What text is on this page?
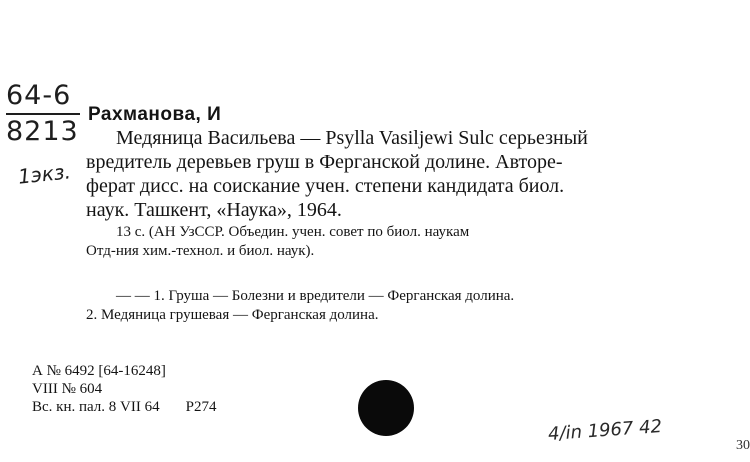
64-6
8213
1экз.
Рахманова, И
Медяница Васильева — Psylla Vasiljewi Sulc серьезный
вредитель деревьев груш в Ферганской долине. Авторе-
ферат дисс. на соискание учен. степени кандидата биол.
наук. Ташкент, «Наука», 1964.
13 с. (АН УзССР. Объедин. учен. совет по биол. наукам
Отд-ния хим.-технол. и биол. наук).
— — 1. Груша — Болезни и вредители — Ферганская долина.
2. Медяница грушевая — Ферганская долина.
А № 6492 [64-16248]
VIII № 604
Вс. кн. пал. 8 VII 64 Р274
4/in 1967 42
30
